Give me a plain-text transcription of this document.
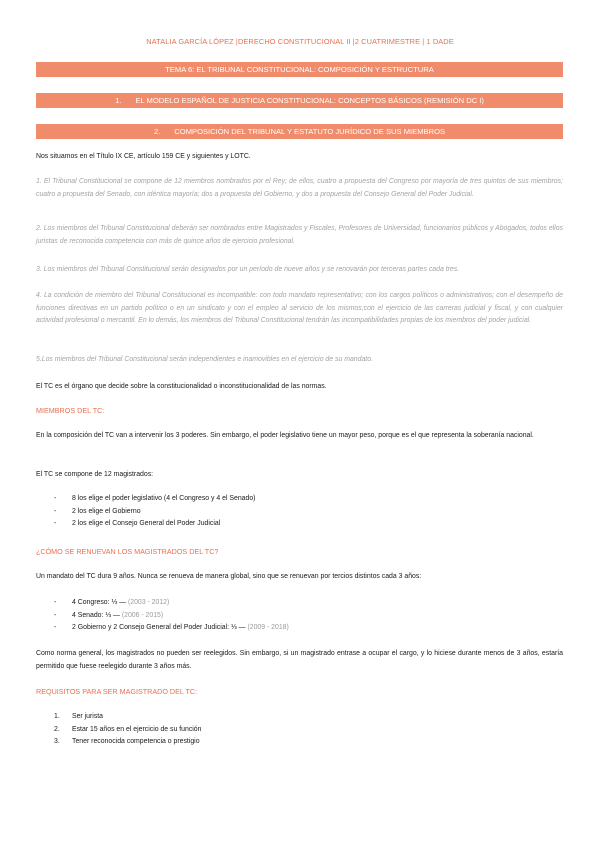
NATALIA GARCÍA LÓPEZ |DERECHO CONSTITUCIONAL II |2 CUATRIMESTRE | 1 DADE
TEMA 6: EL TRIBUNAL CONSTITUCIONAL: COMPOSICIÓN Y ESTRUCTURA
1. EL MODELO ESPAÑOL DE JUSTICIA CONSTITUCIONAL: CONCEPTOS BÁSICOS (REMISIÓN DC I)
2. COMPOSICIÓN DEL TRIBUNAL Y ESTATUTO JURÍDICO DE SUS MIEMBROS

Nos situamos en el Título IX CE, artículo 159 CE y siguientes y LOTC.

1. El Tribunal Constitucional se compone de 12 miembros nombrados por el Rey; de ellos, cuatro a propuesta del Congreso por mayoría de tres quintos de sus miembros; cuatro a propuesta del Senado, con idéntica mayoría; dos a propuesta del Gobierno, y dos a propuesta del Consejo General del Poder Judicial.

2. Los miembros del Tribunal Constitucional deberán ser nombrados entre Magistrados y Fiscales, Profesores de Universidad, funcionarios públicos y Abogados, todos ellos juristas de reconocida competencia con más de quince años de ejercicio profesional.

3. Los miembros del Tribunal Constitucional serán designados por un período de nueve años y se renovarán por terceras partes cada tres.

4. La condición de miembro del Tribunal Constitucional es incompatible: con todo mandato representativo; con los cargos políticos o administrativos; con el desempeño de funciones directivas en un partido político o en un sindicato y con el empleo al servicio de los mismos;con el ejercicio de las carreras judicial y fiscal, y con cualquier actividad profesional o mercantil. En lo demás, los miembros del Tribunal Constitucional tendrán las incompatibilidades propias de los miembros del poder judicial.

5.Los miembros del Tribunal Constitucional serán independientes e inamovibles en el ejercicio de su mandato.

El TC es el órgano que decide sobre la constitucionalidad o inconstitucionalidad de las normas.

MIEMBROS DEL TC:

En la composición del TC van a intervenir los 3 poderes. Sin embargo, el poder legislativo tiene un mayor peso, porque es el que representa la soberanía nacional.

El TC se compone de 12 magistrados:

- 8 los elige el poder legislativo (4 el Congreso y 4 el Senado)
- 2 los elige el Gobierno
- 2 los elige el Consejo General del Poder Judicial

¿CÓMO SE RENUEVAN LOS MAGISTRADOS DEL TC?

Un mandato del TC dura 9 años. Nunca se renueva de manera global, sino que se renuevan por tercios distintos cada 3 años:

- 4 Congreso: ⅓ — (2003 - 2012)
- 4 Senado: ⅓ — (2006 - 2015)
- 2 Gobierno y 2 Consejo General del Poder Judicial: ⅓ — (2009 - 2018)

Como norma general, los magistrados no pueden ser reelegidos. Sin embargo, si un magistrado entrase a ocupar el cargo, y lo hiciese durante menos de 3 años, estaría permitido que fuese reelegido durante 3 años más.

REQUISITOS PARA SER MAGISTRADO DEL TC:

1. Ser jurista
2. Estar 15 años en el ejercicio de su función
3. Tener reconocida competencia o prestigio
